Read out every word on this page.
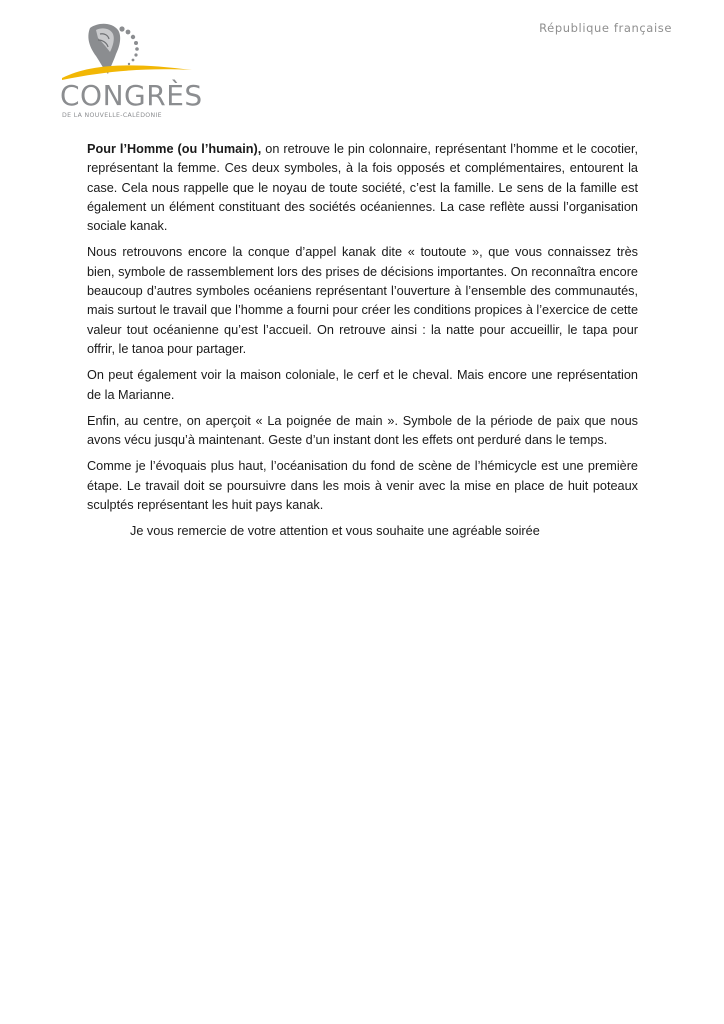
République française
CONGRÈS
DE LA NOUVELLE-CALÉDONIE

Pour l’Homme (ou l’humain), on retrouve le pin colonnaire, représentant l’homme et le cocotier, représentant la femme. Ces deux symboles, à la fois opposés et complémentaires, entourent la case. Cela nous rappelle que le noyau de toute société, c’est la famille. Le sens de la famille est également un élément constituant des sociétés océaniennes. La case reflète aussi l’organisation sociale kanak.

Nous retrouvons encore la conque d’appel kanak dite « toutoute », que vous connaissez très bien, symbole de rassemblement lors des prises de décisions importantes. On reconnaîtra encore beaucoup d’autres symboles océaniens représentant l’ouverture à l’ensemble des communautés, mais surtout le travail que l’homme a fourni pour créer les conditions propices à l’exercice de cette valeur tout océanienne qu’est l’accueil. On retrouve ainsi : la natte pour accueillir, le tapa pour offrir, le tanoa pour partager.

On peut également voir la maison coloniale, le cerf et le cheval. Mais encore une représentation de la Marianne.

Enfin, au centre, on aperçoit « La poignée de main ». Symbole de la période de paix que nous avons vécu jusqu’à maintenant. Geste d’un instant dont les effets ont perduré dans le temps.

Comme je l’évoquais plus haut, l’océanisation du fond de scène de l’hémicycle est une première étape. Le travail doit se poursuivre dans les mois à venir avec la mise en place de huit poteaux sculptés représentant les huit pays kanak.

Je vous remercie de votre attention et vous souhaite une agréable soirée
